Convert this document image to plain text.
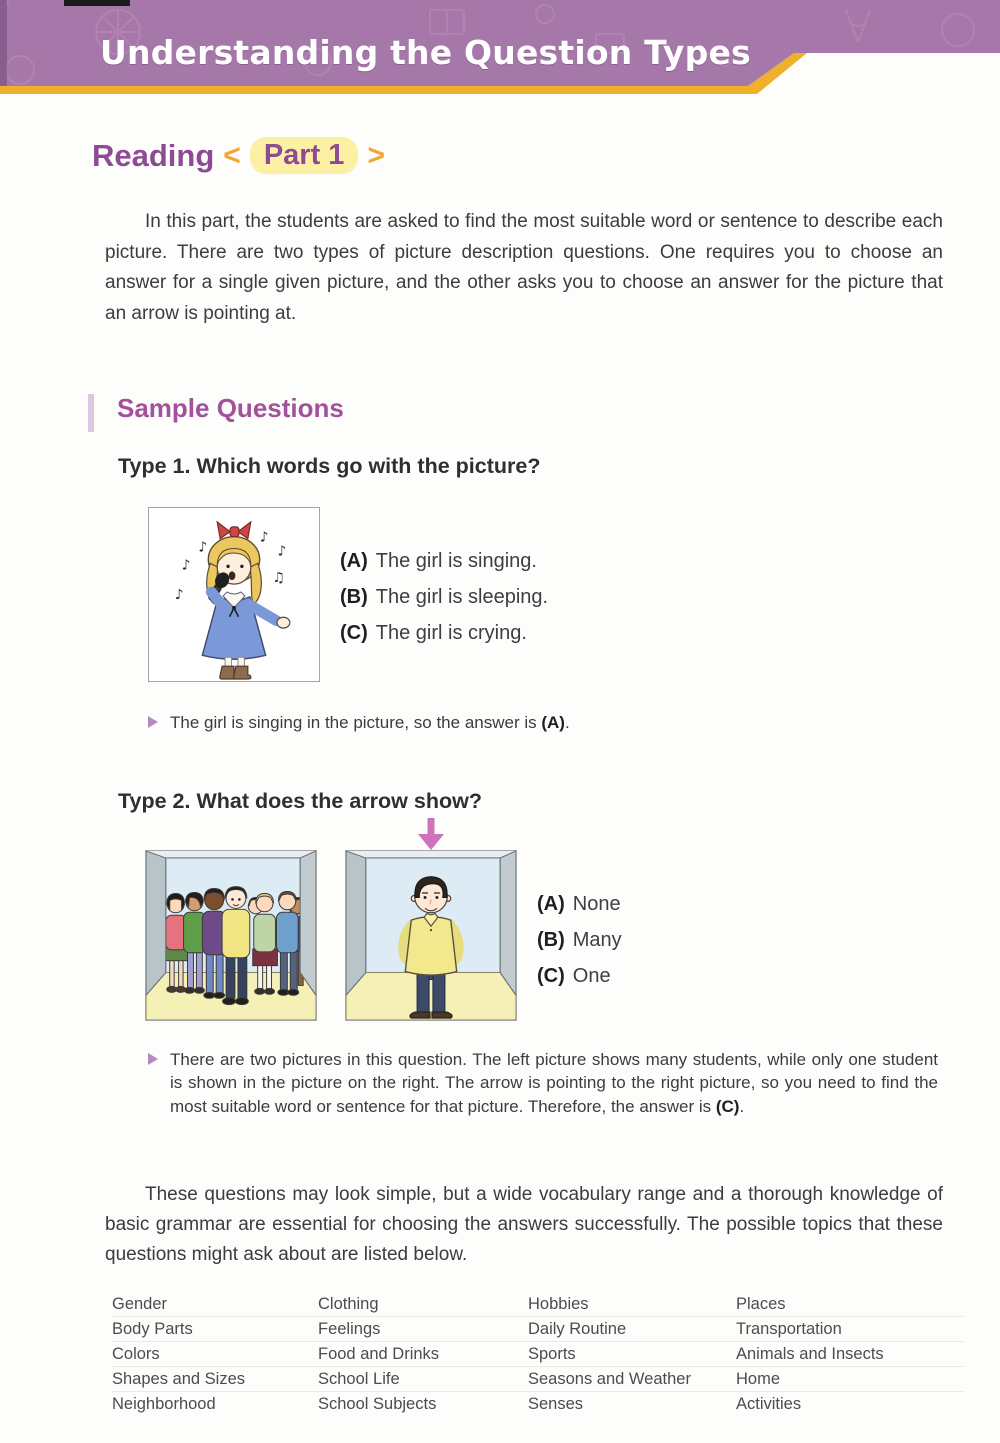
Understanding the Question Types
Reading < Part 1 >

In this part, the students are asked to find the most suitable word or sentence to describe each picture. There are two types of picture description questions. One requires you to choose an answer for a single given picture, and the other asks you to choose an answer for the picture that an arrow is pointing at.

Sample Questions
Type 1. Which words go with the picture?
♪
♪
♪
♪
♫
♪	(A) The girl is singing.
(B) The girl is sleeping.
(C) The girl is crying.
The girl is singing in the picture, so the answer is (A).
Type 2. What does the arrow show?
(A) None
(B) Many
(C) One
There are two pictures in this question. The left picture shows many students, while only one student is shown in the picture on the right. The arrow is pointing to the right picture, so you need to find the most suitable word or sentence for that picture. Therefore, the answer is (C).

These questions may look simple, but a wide vocabulary range and a thorough knowledge of basic grammar are essential for choosing the answers successfully. The possible topics that these questions might ask about are listed below.

Gender	Clothing	Hobbies	Places
Body Parts	Feelings	Daily Routine	Transportation
Colors	Food and Drinks	Sports	Animals and Insects
Shapes and Sizes	School Life	Seasons and Weather	Home
Neighborhood	School Subjects	Senses	Activities
